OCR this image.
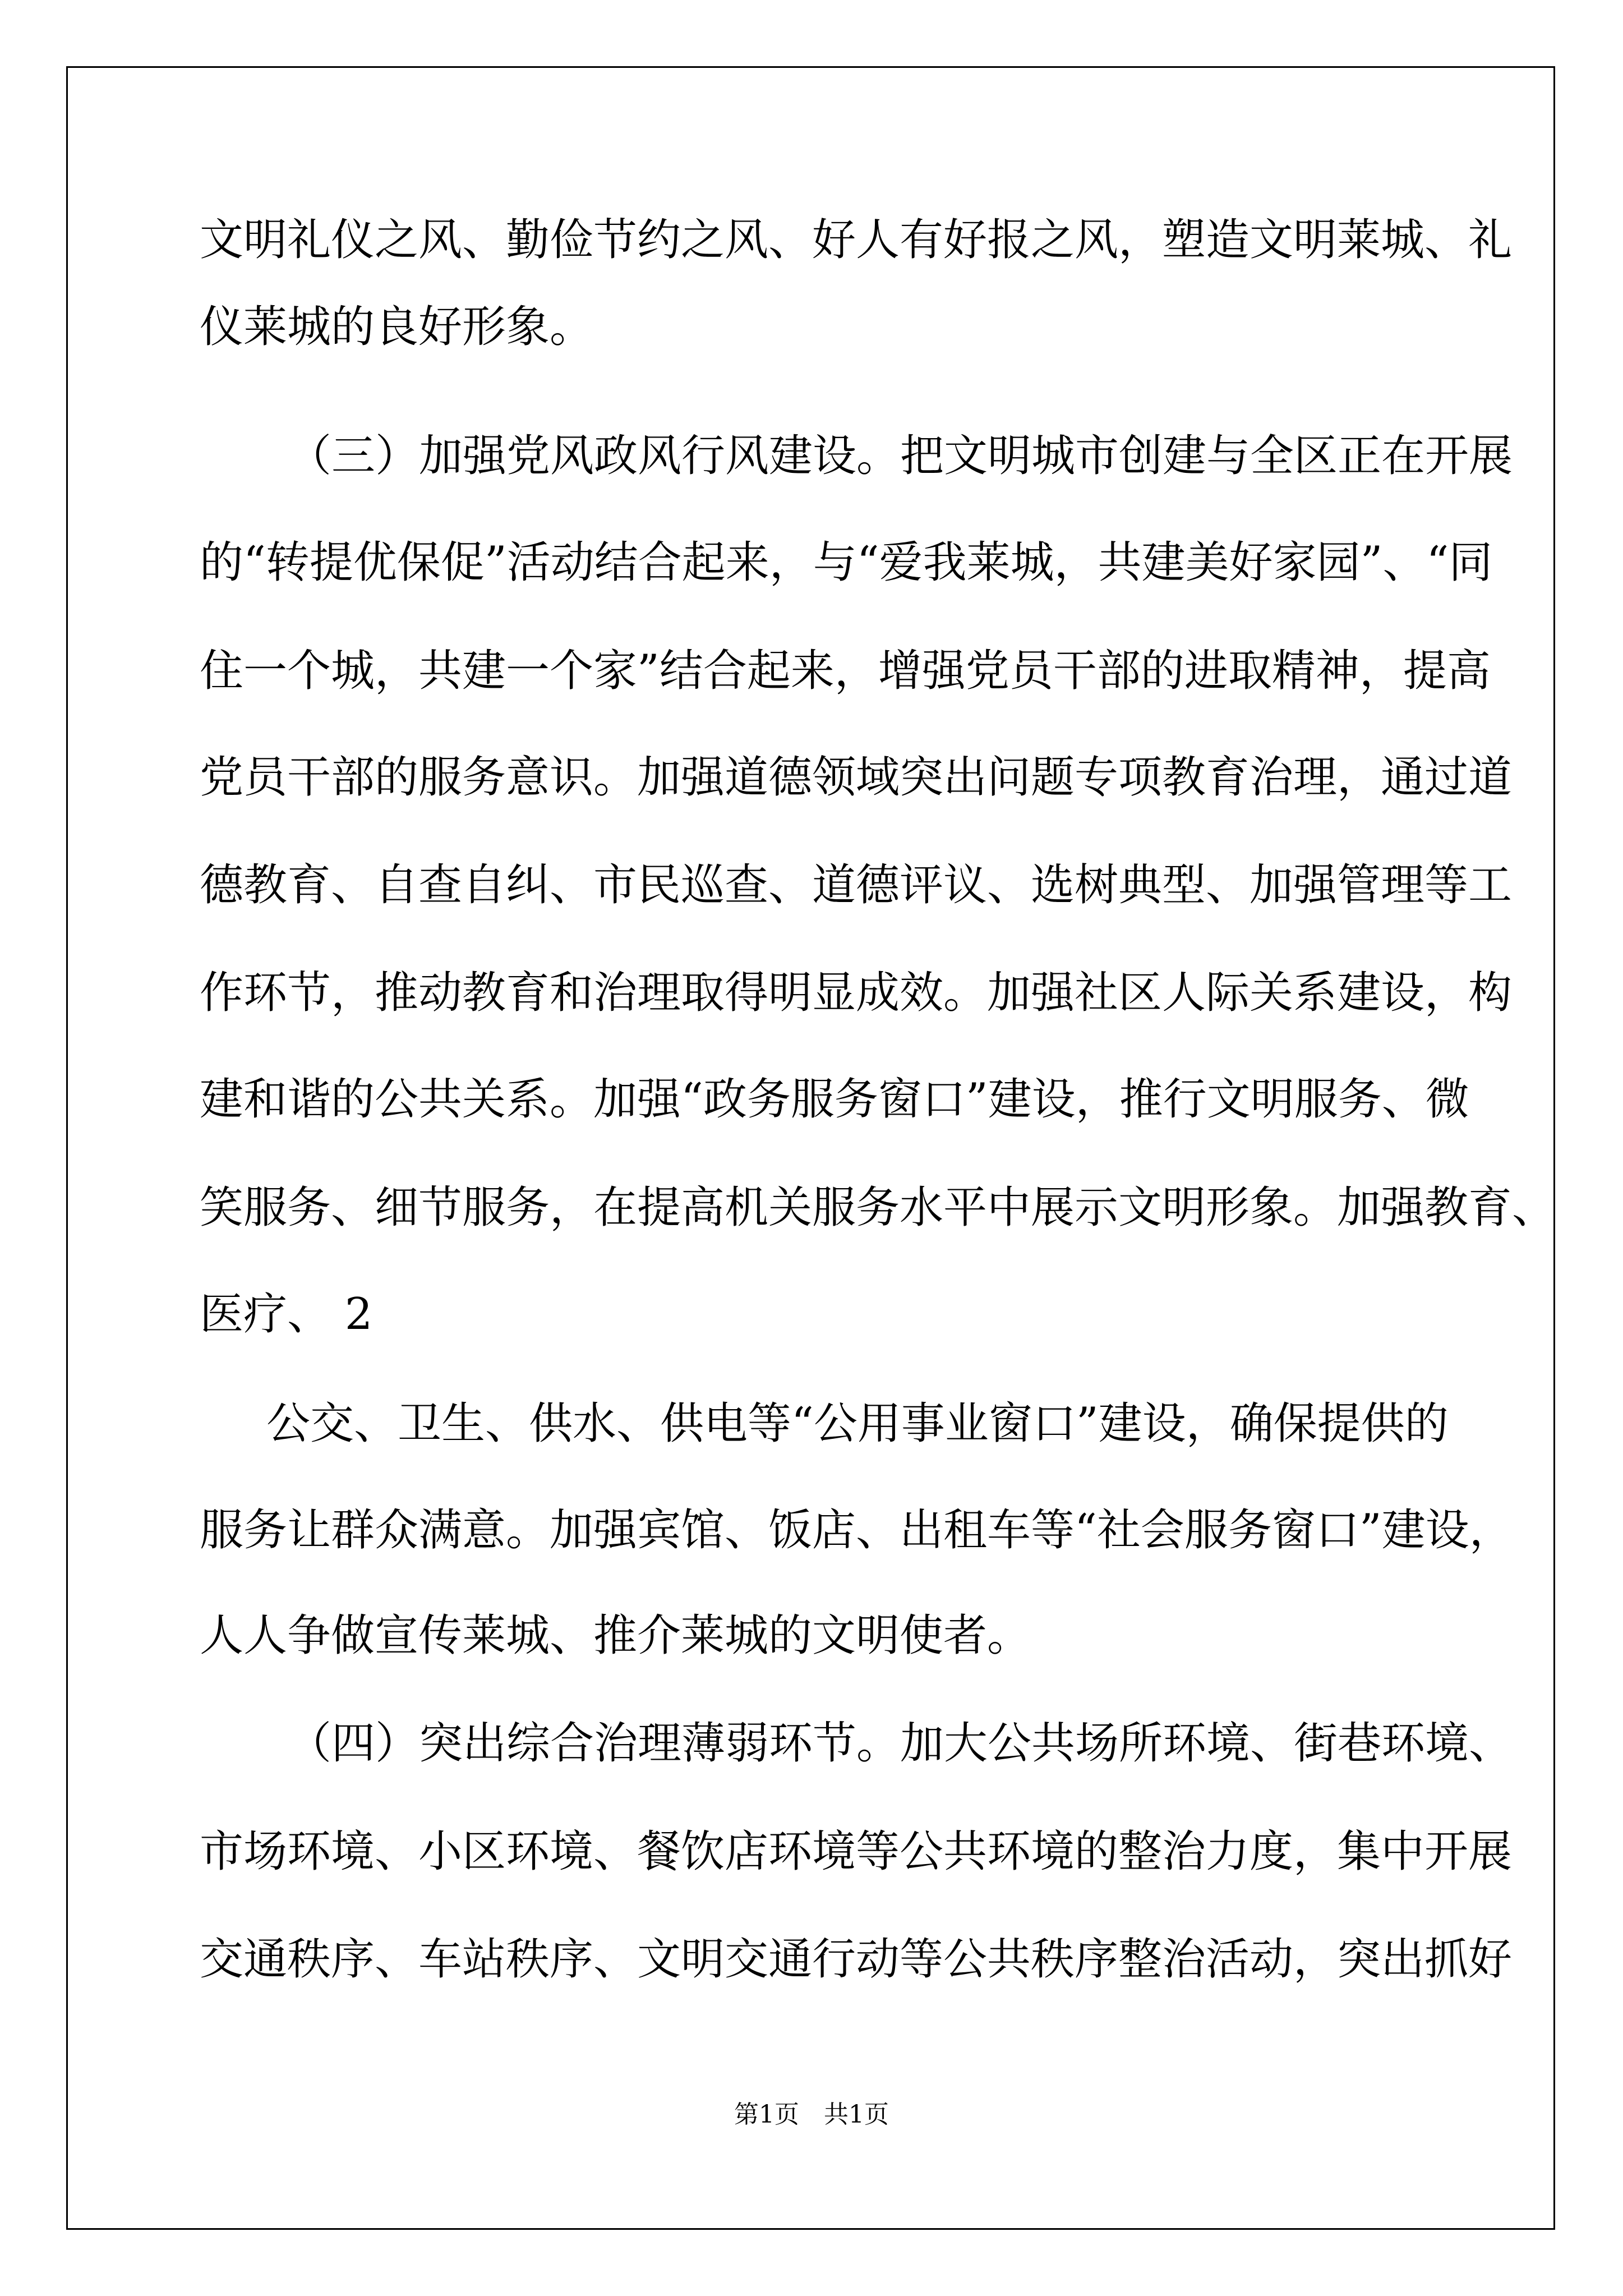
文明礼仪之风、勤俭节约之风、好人有好报之风，塑造文明莱城、礼
仪莱城的良好形象。
（三）加强党风政风行风建设。把文明城市创建与全区正在开展
的“转提优保促”活动结合起来，与“爱我莱城，共建美好家园”、“同
住一个城，共建一个家”结合起来，增强党员干部的进取精神，提高
党员干部的服务意识。加强道德领域突出问题专项教育治理，通过道
德教育、自查自纠、市民巡查、道德评议、选树典型、加强管理等工
作环节，推动教育和治理取得明显成效。加强社区人际关系建设，构
建和谐的公共关系。加强“政务服务窗口”建设，推行文明服务、微
笑服务、细节服务，在提高机关服务水平中展示文明形象。加强教育、
医疗、 2
公交、卫生、供水、供电等“公用事业窗口”建设，确保提供的
服务让群众满意。加强宾馆、饭店、出租车等“社会服务窗口”建设，
人人争做宣传莱城、推介莱城的文明使者。
（四）突出综合治理薄弱环节。加大公共场所环境、街巷环境、
市场环境、小区环境、餐饮店环境等公共环境的整治力度，集中开展
交通秩序、车站秩序、文明交通行动等公共秩序整治活动，突出抓好
第1页　共1页
